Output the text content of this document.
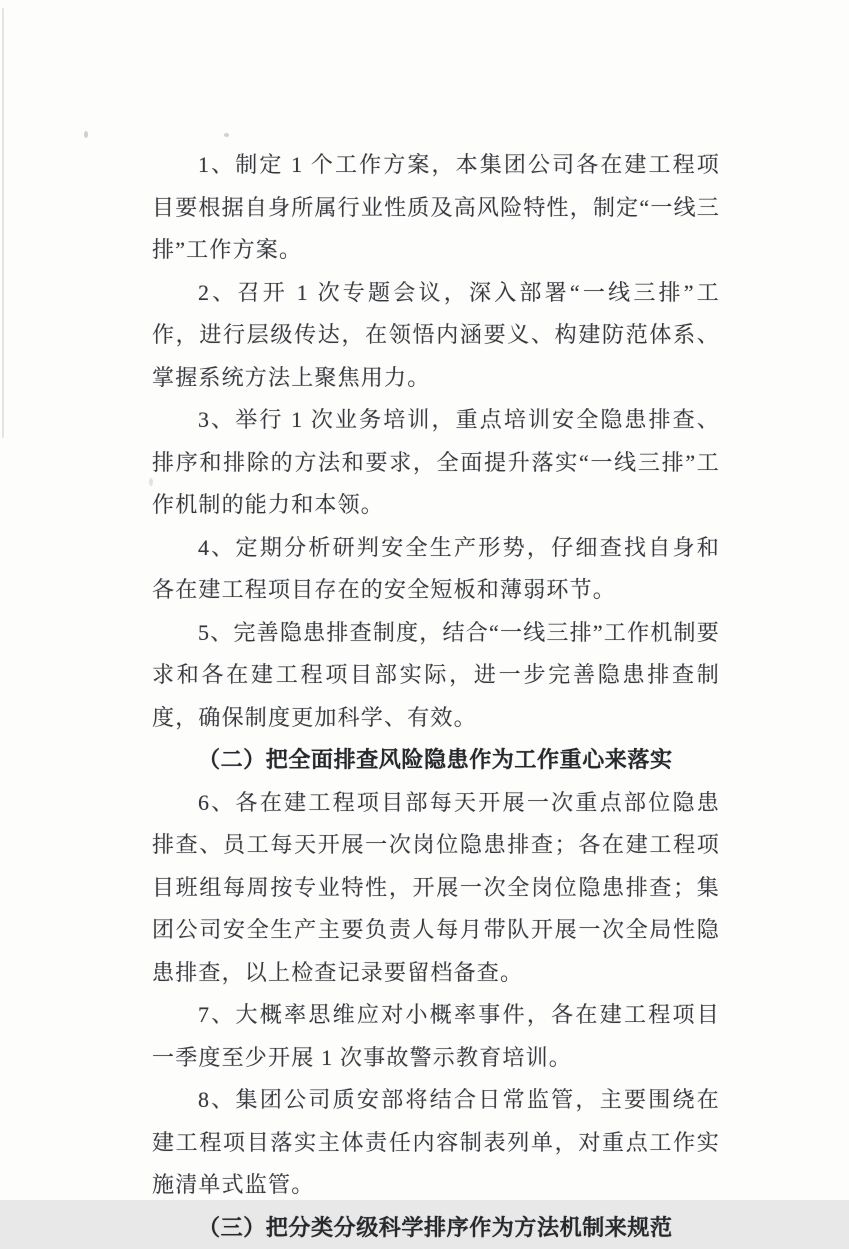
1、制定 1 个工作方案，本集团公司各在建工程项目要根据自身所属行业性质及高风险特性，制定“一线三排”工作方案。

2、召开 1 次专题会议，深入部署“一线三排”工作，进行层级传达，在领悟内涵要义、构建防范体系、掌握系统方法上聚焦用力。

3、举行 1 次业务培训，重点培训安全隐患排查、排序和排除的方法和要求，全面提升落实“一线三排”工作机制的能力和本领。

4、定期分析研判安全生产形势，仔细查找自身和各在建工程项目存在的安全短板和薄弱环节。

5、完善隐患排查制度，结合“一线三排”工作机制要求和各在建工程项目部实际，进一步完善隐患排查制度，确保制度更加科学、有效。

（二）把全面排查风险隐患作为工作重心来落实

6、各在建工程项目部每天开展一次重点部位隐患排查、员工每天开展一次岗位隐患排查；各在建工程项目班组每周按专业特性，开展一次全岗位隐患排查；集团公司安全生产主要负责人每月带队开展一次全局性隐患排查，以上检查记录要留档备查。

7、大概率思维应对小概率事件，各在建工程项目一季度至少开展 1 次事故警示教育培训。

8、集团公司质安部将结合日常监管，主要围绕在建工程项目落实主体责任内容制表列单，对重点工作实施清单式监管。

（三）把分类分级科学排序作为方法机制来规范
